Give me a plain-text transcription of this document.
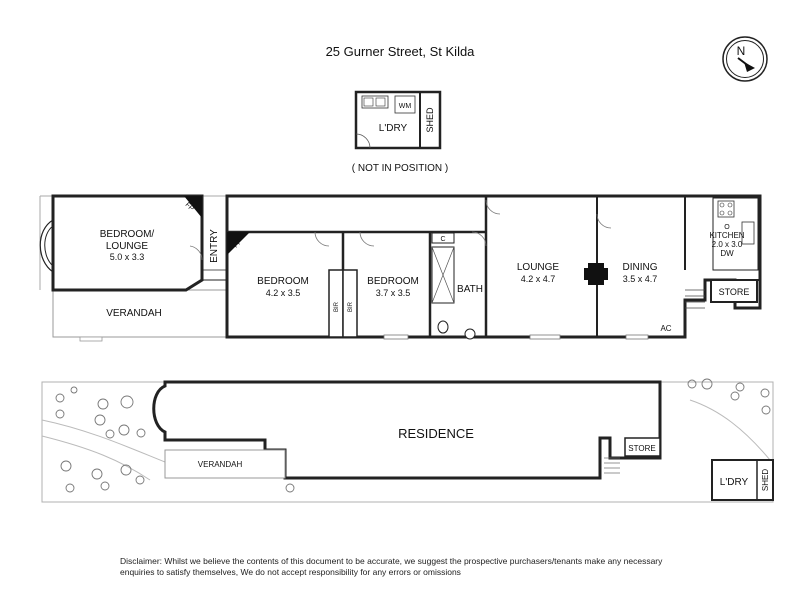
25 Gurner Street, St Kilda	N
WM
L'DRY SHED
( NOT IN POSITION )
FP
BIR BIR
FP	C
BEDROOM/
LOUNGE
5.0 x 3.3	ENTRY
BEDROOM
4.2 x 3.5
BEDROOM
3.7 x 3.5	BATH
LOUNGE
4.2 x 4.7
DINING
3.5 x 4.7
O
KITCHEN
2.0 x 3.0
DW
STORE
AC
VERANDAH
RESIDENCE
VERANDAH
STORE
L'DRY SHED
Disclaimer: Whilst we believe the contents of this document to be accurate, we suggest the prospective purchasers/tenants make any necessary
enquiries to satisfy themselves, We do not accept responsibility for any errors or omissions
